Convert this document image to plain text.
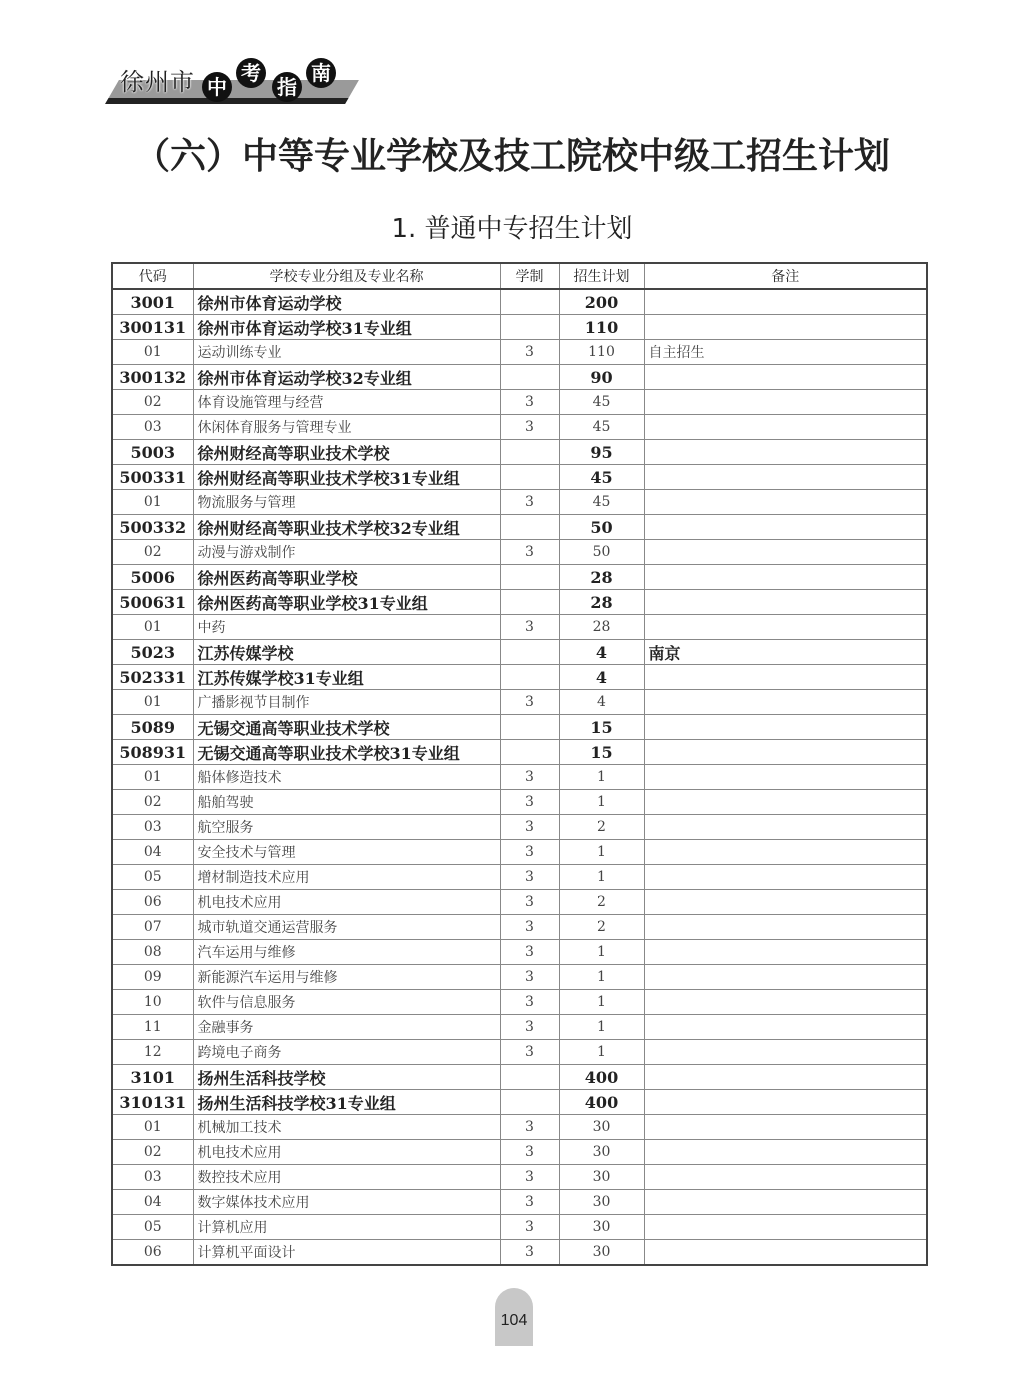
徐州市 中
考
指
南
（六）中等专业学校及技工院校中级工招生计划
1. 普通中专招生计划
代码	学校专业分组及专业名称	学制	招生计划	备注
3001	徐州市体育运动学校		200	
300131	徐州市体育运动学校31专业组		110	
01	运动训练专业	3	110	自主招生
300132	徐州市体育运动学校32专业组		90	
02	体育设施管理与经营	3	45	
03	休闲体育服务与管理专业	3	45	
5003	徐州财经高等职业技术学校		95	
500331	徐州财经高等职业技术学校31专业组		45	
01	物流服务与管理	3	45	
500332	徐州财经高等职业技术学校32专业组		50	
02	动漫与游戏制作	3	50	
5006	徐州医药高等职业学校		28	
500631	徐州医药高等职业学校31专业组		28	
01	中药	3	28	
5023	江苏传媒学校		4	南京
502331	江苏传媒学校31专业组		4	
01	广播影视节目制作	3	4	
5089	无锡交通高等职业技术学校		15	
508931	无锡交通高等职业技术学校31专业组		15	
01	船体修造技术	3	1	
02	船舶驾驶	3	1	
03	航空服务	3	2	
04	安全技术与管理	3	1	
05	增材制造技术应用	3	1	
06	机电技术应用	3	2	
07	城市轨道交通运营服务	3	2	
08	汽车运用与维修	3	1	
09	新能源汽车运用与维修	3	1	
10	软件与信息服务	3	1	
11	金融事务	3	1	
12	跨境电子商务	3	1	
3101	扬州生活科技学校		400	
310131	扬州生活科技学校31专业组		400	
01	机械加工技术	3	30	
02	机电技术应用	3	30	
03	数控技术应用	3	30	
04	数字媒体技术应用	3	30	
05	计算机应用	3	30	
06	计算机平面设计	3	30	
104
